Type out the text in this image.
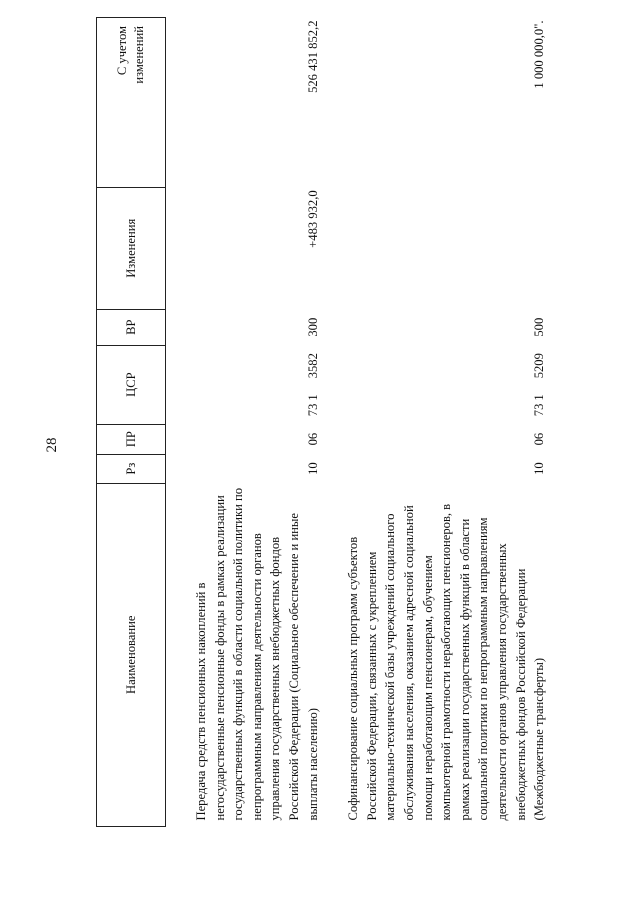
28
Наименование	Рз	ПР	ЦСР	ВР	Изменения	С учетом изменений

Передача средств пенсионных накоплений в негосударственные пенсионные фонды в рамках реализации государственных функций в области социальной политики по непрограммным направлениям деятельности органов управления государственных внебюджетных фондов Российской Федерации (Социальное обеспечение и иные выплаты населению)	10	06	7313582	300	+483 932,0	526 431 852,2

Софинансирование социальных программ субъектов Российской Федерации, связанных с укреплением материально-технической базы учреждений социального обслуживания населения, оказанием адресной социальной помощи неработающим пенсионерам, обучением компьютерной грамотности неработающих пенсионеров, в рамках реализации государственных функций в области социальной политики по непрограммным направлениям деятельности органов управления государственных внебюджетных фондов Российской Федерации (Межбюджетные трансферты)	10	06	7315209	500		1 000 000,0".
